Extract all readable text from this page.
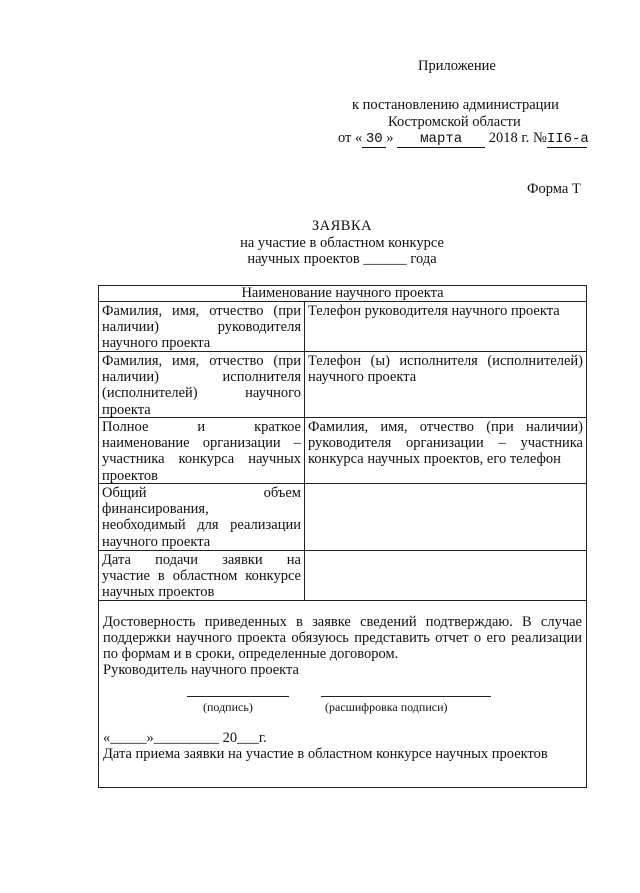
Приложение
к постановлению администрации
Костромской области
от « 30 » марта 2018 г. №II6-а
Форма Т
ЗАЯВКА
на участие в областном конкурсе
научных проектов ______ года
Наименование научного проекта
Фамилия, имя, отчество (при
наличии) руководителя
научного проекта
Телефон руководителя научного проекта
Фамилия, имя, отчество (при
наличии) исполнителя
(исполнителей) научного
проекта
Телефон (ы) исполнителя (исполнителей)
научного проекта
Полное и краткое
наименование организации –
участника конкурса научных
проектов
Фамилия, имя, отчество (при наличии)
руководителя организации – участника
конкурса научных проектов, его телефон
Общий объем
финансирования,
необходимый для реализации
научного проекта
Дата подачи заявки на
участие в областном конкурсе
научных проектов
Достоверность приведенных в заявке сведений подтверждаю. В случае
поддержки научного проекта обязуюсь представить отчет о его реализации
по формам и в сроки, определенные договором.
Руководитель научного проекта
(подпись)	(расшифровка подписи)
«_____»_________ 20___г.
Дата приема заявки на участие в областном конкурсе научных проектов
